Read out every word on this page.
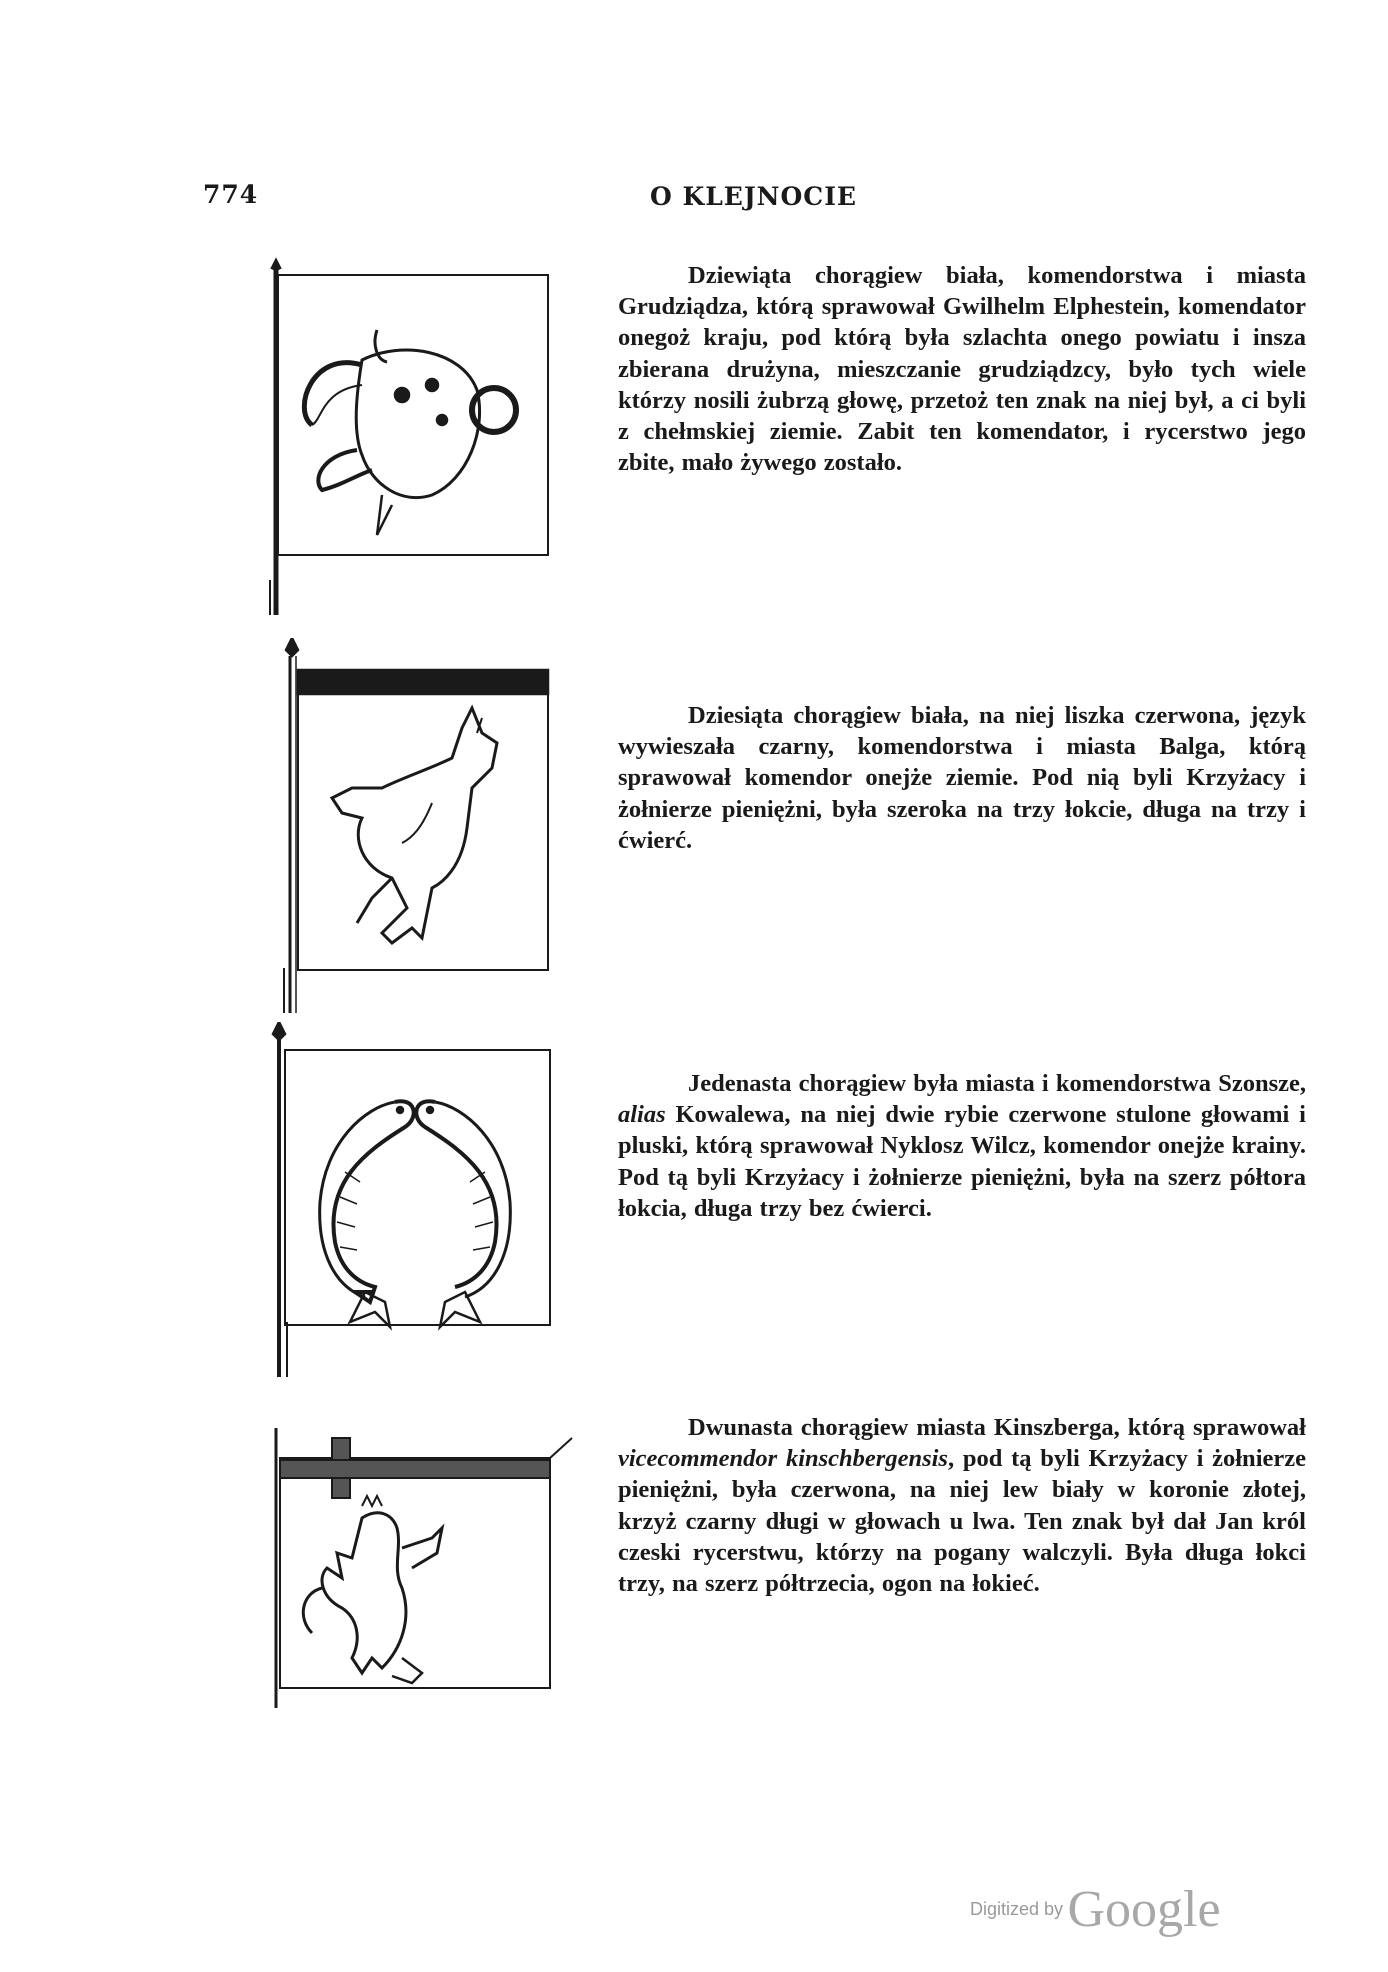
774	O KLEJNOCIE

Dziewiąta chorągiew biała, komendorstwa i miasta Grudziądza, którą sprawował Gwilhelm Elphestein, komendator onegoż kraju, pod którą była szlachta onego powiatu i insza zbierana drużyna, mieszczanie grudziądzcy, było tych wiele którzy nosili żubrzą głowę, przetoż ten znak na niej był, a ci byli z chełmskiej ziemie. Zabit ten komendator, i rycerstwo jego zbite, mało żywego zostało.

Dziesiąta chorągiew biała, na niej liszka czerwona, język wywieszała czarny, komendorstwa i miasta Balga, którą sprawował komendor onejże ziemie. Pod nią byli Krzyżacy i żołnierze pieniężni, była szeroka na trzy łokcie, długa na trzy i ćwierć.

Jedenasta chorągiew była miasta i komendorstwa Szonsze, alias Kowalewa, na niej dwie rybie czerwone stulone głowami i pluski, którą sprawował Nyklosz Wilcz, komendor onejże krainy. Pod tą byli Krzyżacy i żołnierze pieniężni, była na szerz półtora łokcia, długa trzy bez ćwierci.

Dwunasta chorągiew miasta Kinszberga, którą sprawował vicecommendor kinschbergensis, pod tą byli Krzyżacy i żołnierze pieniężni, była czerwona, na niej lew biały w koronie złotej, krzyż czarny długi w głowach u lwa. Ten znak był dał Jan król czeski rycerstwu, którzy na pogany walczyli. Była długa łokci trzy, na szerz półtrzecia, ogon na łokieć.

Digitized by Google
